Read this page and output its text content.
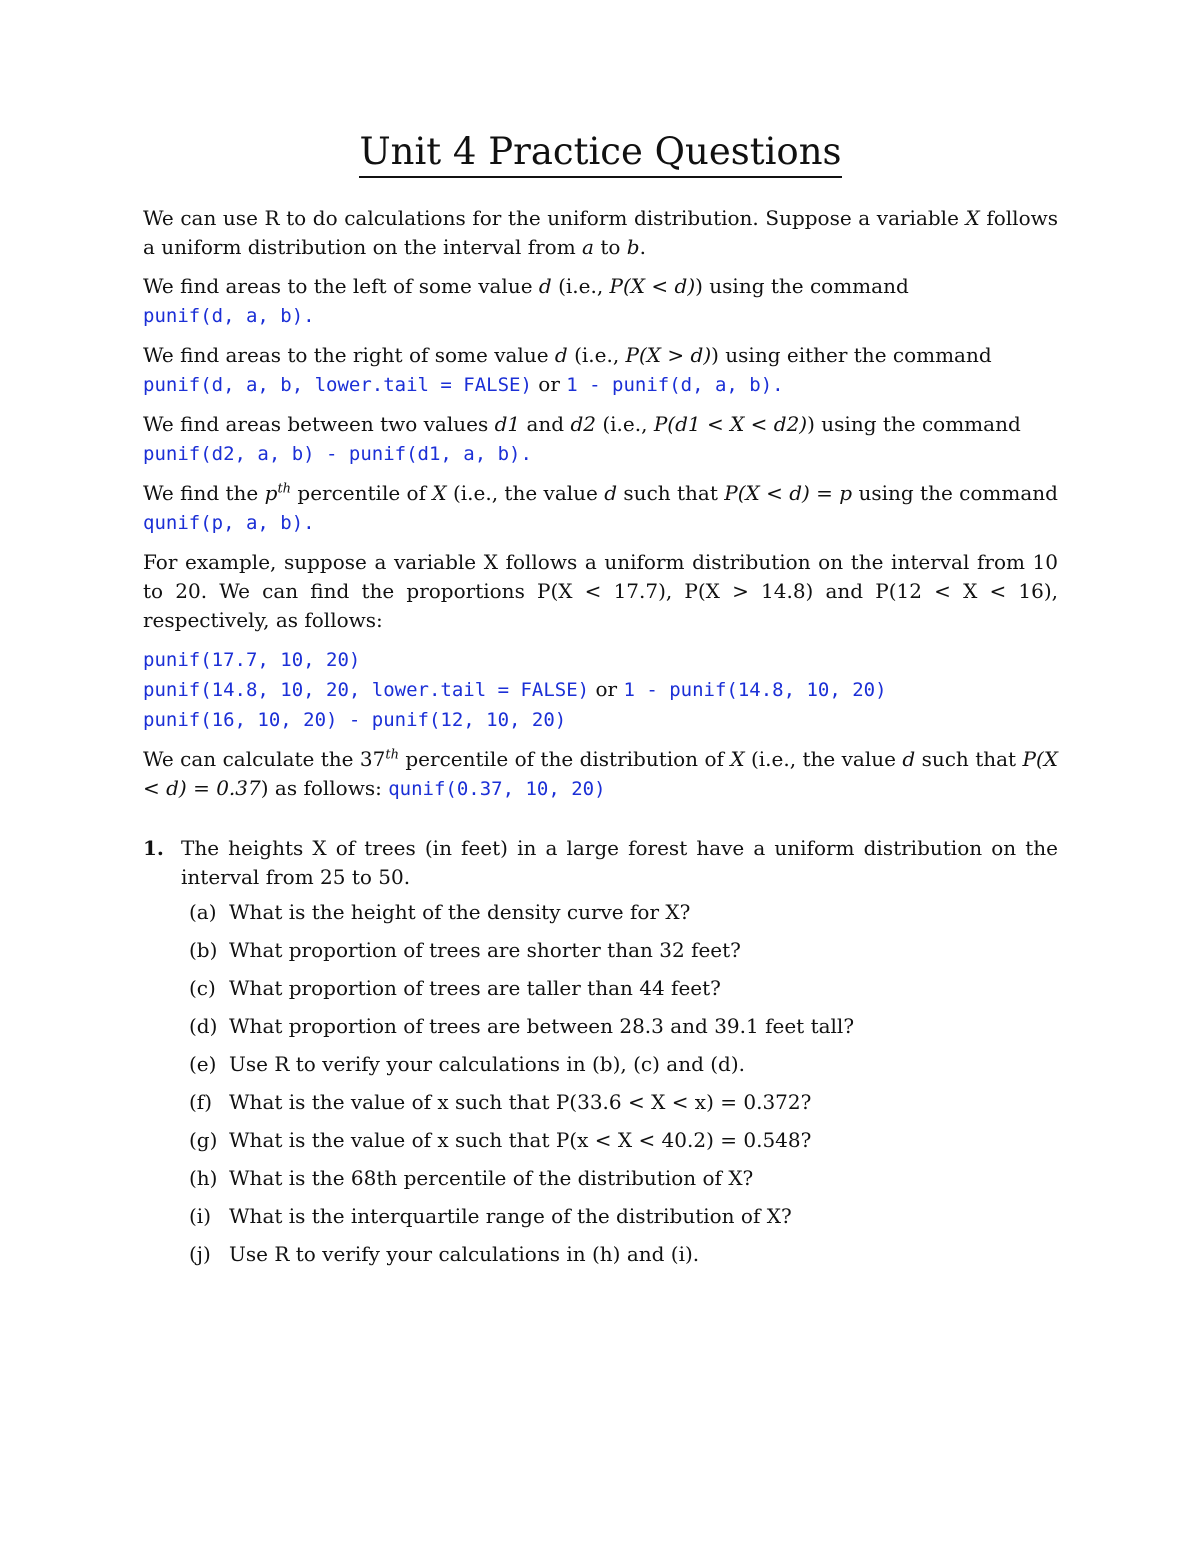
Unit 4 Practice Questions

We can use R to do calculations for the uniform distribution. Suppose a variable X follows a uniform distribution on the interval from a to b.

We find areas to the left of some value d (i.e., P(X < d)) using the command
punif(d, a, b).

We find areas to the right of some value d (i.e., P(X > d)) using either the command
punif(d, a, b, lower.tail = FALSE) or 1 - punif(d, a, b).

We find areas between two values d1 and d2 (i.e., P(d1 < X < d2)) using the command
punif(d2, a, b) - punif(d1, a, b).

We find the $p^{th}$ percentile of X (i.e., the value d such that P(X < d) = p using the command
qunif(p, a, b).

For example, suppose a variable X follows a uniform distribution on the interval from 10 to 20. We can find the proportions P(X < 17.7), P(X > 14.8) and P(12 < X < 16), respectively, as follows:

punif(17.7, 10, 20)
punif(14.8, 10, 20, lower.tail = FALSE) or 1 - punif(14.8, 10, 20)
punif(16, 10, 20) - punif(12, 10, 20)

We can calculate the 37th percentile of the distribution of X (i.e., the value d such that P(X < d) = 0.37) as follows: qunif(0.37, 10, 20)

1. The heights X of trees (in feet) in a large forest have a uniform distribution on the interval from 25 to 50.
(a) What is the height of the density curve for X?
(b) What proportion of trees are shorter than 32 feet?
(c) What proportion of trees are taller than 44 feet?
(d) What proportion of trees are between 28.3 and 39.1 feet tall?
(e) Use R to verify your calculations in (b), (c) and (d).
(f) What is the value of x such that P(33.6 < X < x) = 0.372?
(g) What is the value of x such that P(x < X < 40.2) = 0.548?
(h) What is the 68th percentile of the distribution of X?
(i) What is the interquartile range of the distribution of X?
(j) Use R to verify your calculations in (h) and (i).
